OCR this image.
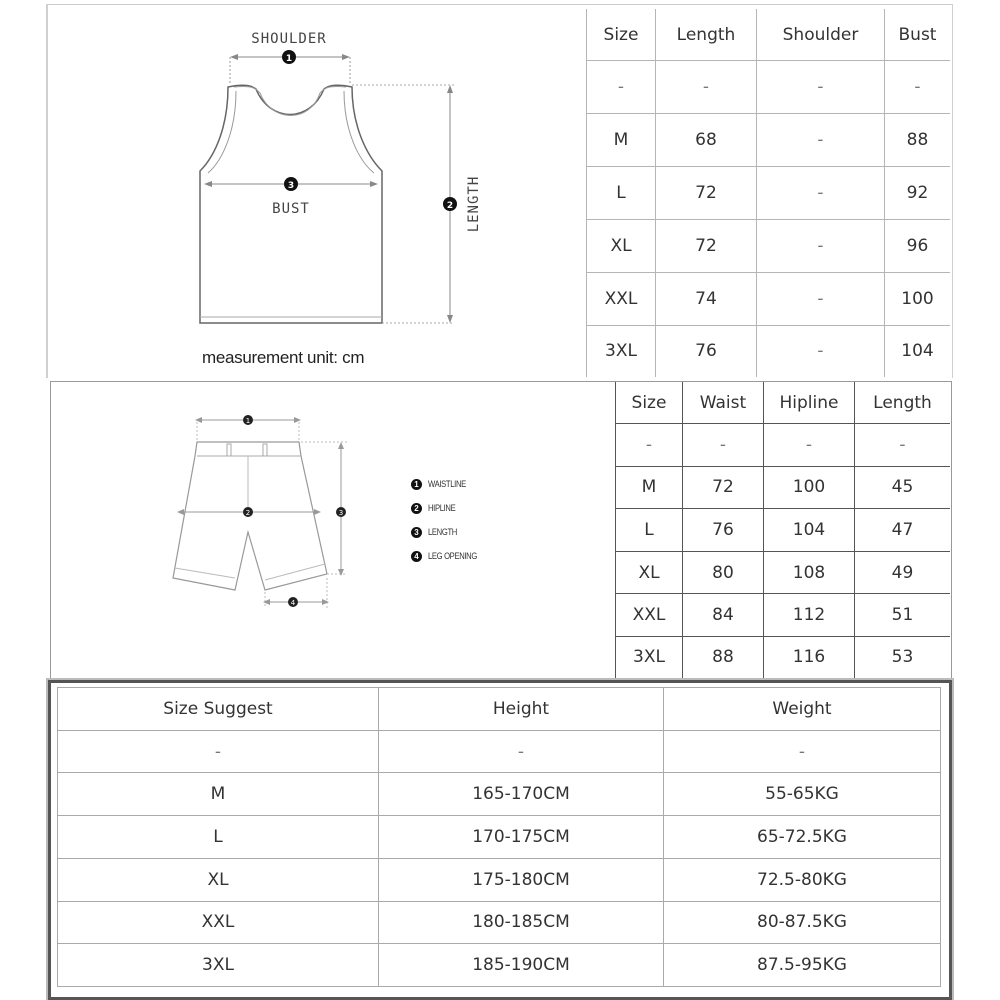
1
SHOULDER
3
BUST	2 LENGTH
measurement unit: cm
Size	Length	Shoulder	Bust
-	-	-	-
M	68	-	88
L	72	-	92
XL	72	-	96
XXL	74	-	100
3XL	76	-	104
1
2	3
4
1	WAISTLINE
2	HIPLINE
3	LENGTH
4	LEG OPENING
Size	Waist	Hipline	Length
-	-	-	-
M	72	100	45
L	76	104	47
XL	80	108	49
XXL	84	112	51
3XL	88	116	53
Size Suggest	Height	Weight
-	-	-
M	165-170CM	55-65KG
L	170-175CM	65-72.5KG
XL	175-180CM	72.5-80KG
XXL	180-185CM	80-87.5KG
3XL	185-190CM	87.5-95KG
